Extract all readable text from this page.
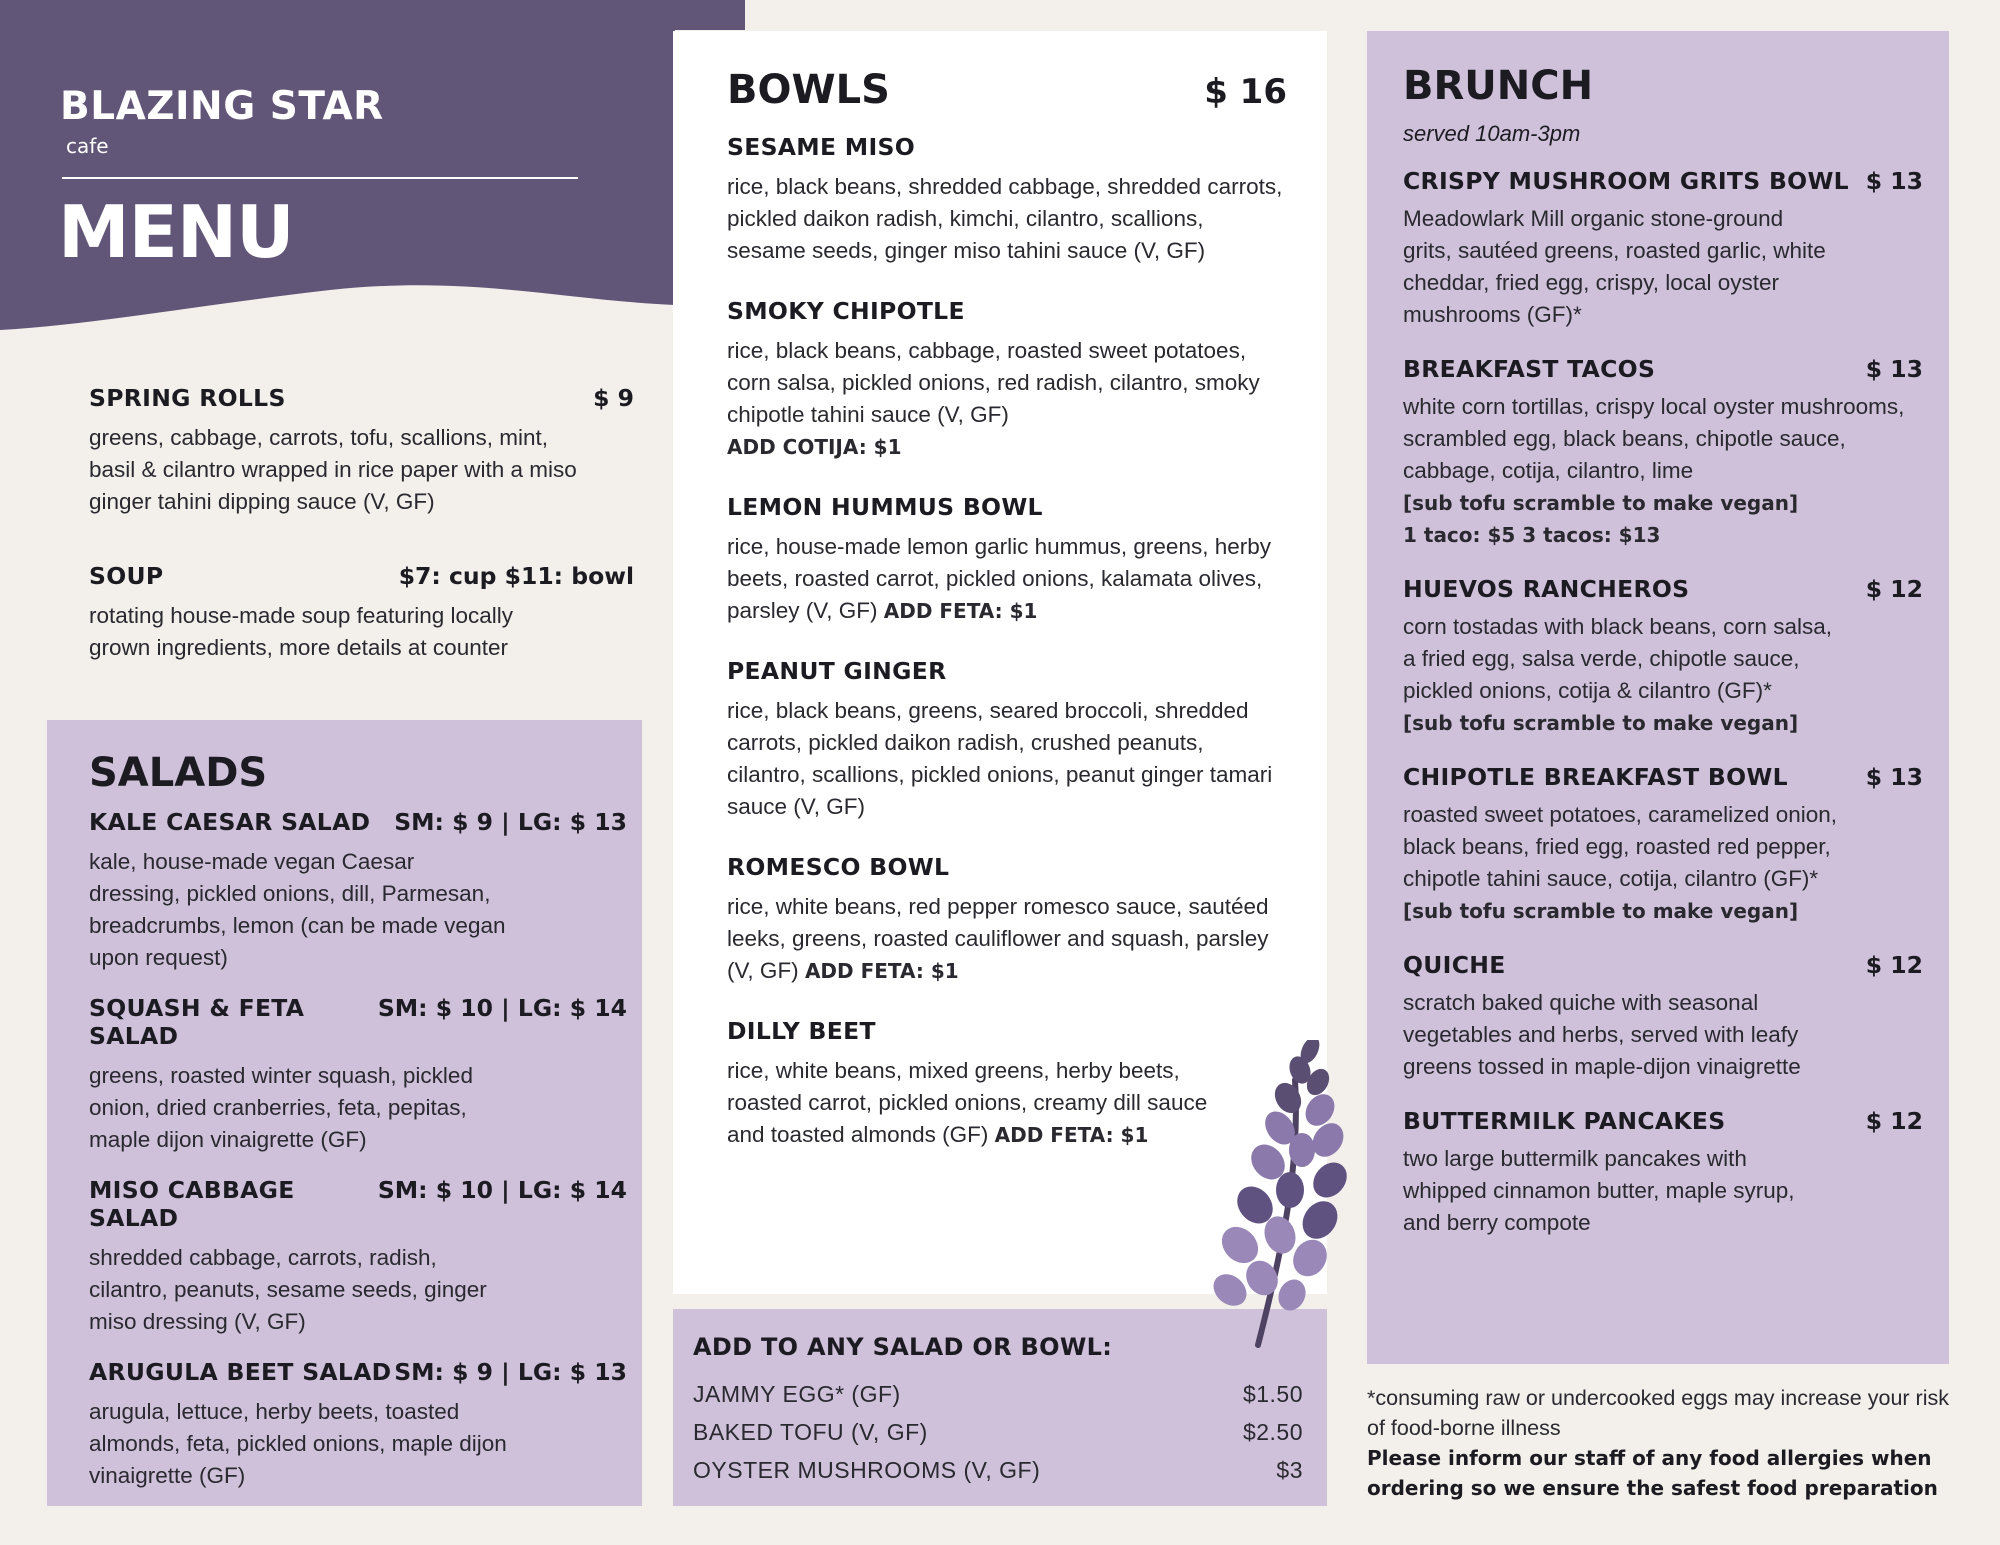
BLAZING STAR
cafe
MENU
SPRING ROLLS	$ 9
greens, cabbage, carrots, tofu, scallions, mint, basil & cilantro wrapped in rice paper with a miso ginger tahini dipping sauce (V, GF)
SOUP	$7: cup $11: bowl
rotating house-made soup featuring locally grown ingredients, more details at counter
SALADS
KALE CAESAR SALAD SM: $ 9 | LG: $ 13
kale, house-made vegan Caesar dressing, pickled onions, dill, Parmesan, breadcrumbs, lemon (can be made vegan upon request)
SQUASH & FETA SALAD
SM: $ 10 | LG: $ 14
greens, roasted winter squash, pickled onion, dried cranberries, feta, pepitas, maple dijon vinaigrette (GF)
MISO CABBAGE SALAD
SM: $ 10 | LG: $ 14
shredded cabbage, carrots, radish, cilantro, peanuts, sesame seeds, ginger miso dressing (V, GF)
ARUGULA BEET SALAD SM: $ 9 | LG: $ 13
arugula, lettuce, herby beets, toasted almonds, feta, pickled onions, maple dijon vinaigrette (GF)
BOWLS	$ 16
SESAME MISO
rice, black beans, shredded cabbage, shredded carrots, pickled daikon radish, kimchi, cilantro, scallions, sesame seeds, ginger miso tahini sauce (V, GF)
SMOKY CHIPOTLE
rice, black beans, cabbage, roasted sweet potatoes, corn salsa, pickled onions, red radish, cilantro, smoky chipotle tahini sauce (V, GF)
ADD COTIJA: $1
LEMON HUMMUS BOWL
rice, house-made lemon garlic hummus, greens, herby beets, roasted carrot, pickled onions, kalamata olives, parsley (V, GF) ADD FETA: $1
PEANUT GINGER
rice, black beans, greens, seared broccoli, shredded carrots, pickled daikon radish, crushed peanuts, cilantro, scallions, pickled onions, peanut ginger tamari sauce (V, GF)
ROMESCO BOWL
rice, white beans, red pepper romesco sauce, sautéed leeks, greens, roasted cauliflower and squash, parsley (V, GF) ADD FETA: $1
DILLY BEET
rice, white beans, mixed greens, herby beets, roasted carrot, pickled onions, creamy dill sauce and toasted almonds (GF) ADD FETA: $1
ADD TO ANY SALAD OR BOWL:
JAMMY EGG* (GF)	$1.50
BAKED TOFU (V, GF)	$2.50
OYSTER MUSHROOMS (V, GF)	$3
BRUNCH
served 10am-3pm
CRISPY MUSHROOM GRITS BOWL $ 13
Meadowlark Mill organic stone-ground grits, sautéed greens, roasted garlic, white cheddar, fried egg, crispy, local oyster mushrooms (GF)*
BREAKFAST TACOS	$ 13
white corn tortillas, crispy local oyster mushrooms, scrambled egg, black beans, chipotle sauce, cabbage, cotija, cilantro, lime
[sub tofu scramble to make vegan]
1 taco: $5 3 tacos: $13
HUEVOS RANCHEROS	$ 12
corn tostadas with black beans, corn salsa, a fried egg, salsa verde, chipotle sauce, pickled onions, cotija & cilantro (GF)*
[sub tofu scramble to make vegan]
CHIPOTLE BREAKFAST BOWL	$ 13
roasted sweet potatoes, caramelized onion, black beans, fried egg, roasted red pepper, chipotle tahini sauce, cotija, cilantro (GF)*
[sub tofu scramble to make vegan]
QUICHE	$ 12
scratch baked quiche with seasonal vegetables and herbs, served with leafy greens tossed in maple-dijon vinaigrette
BUTTERMILK PANCAKES	$ 12
two large buttermilk pancakes with whipped cinnamon butter, maple syrup, and berry compote
*consuming raw or undercooked eggs may increase your risk of food-borne illness
Please inform our staff of any food allergies when ordering so we ensure the safest food preparation
